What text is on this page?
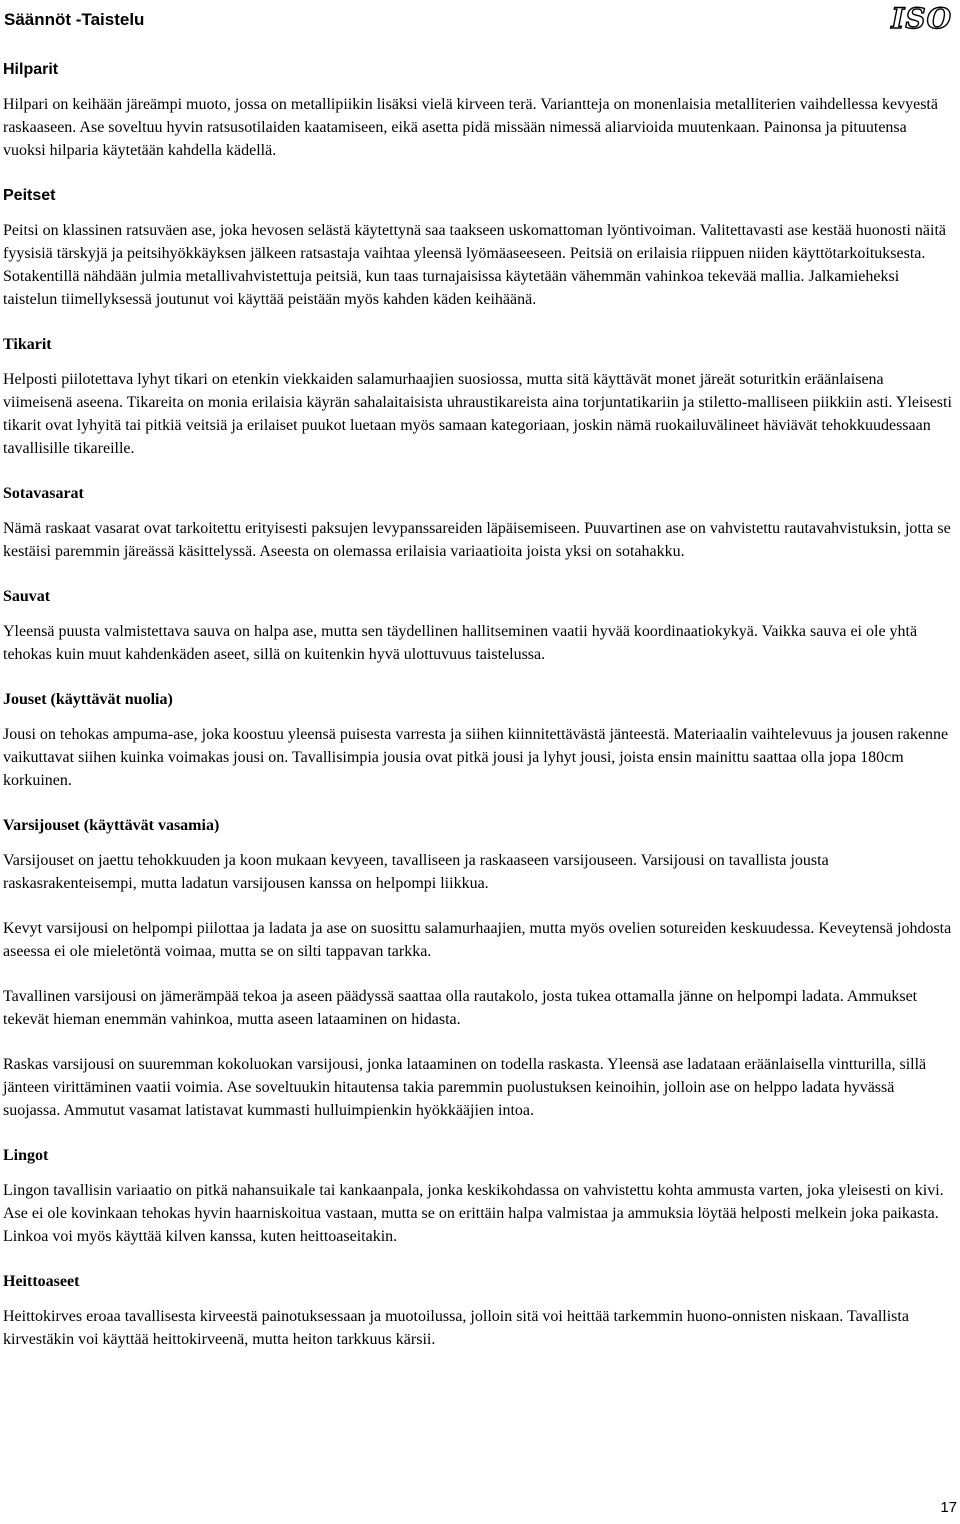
Säännöt -Taistelu	ISO
Hilparit

Hilpari on keihään järeämpi muoto, jossa on metallipiikin lisäksi vielä kirveen terä. Variantteja on monenlaisia metalliterien vaihdellessa kevyestä raskaaseen. Ase soveltuu hyvin ratsusotilaiden kaatamiseen, eikä asetta pidä missään nimessä aliarvioida muutenkaan. Painonsa ja pituutensa vuoksi hilparia käytetään kahdella kädellä.

Peitset

Peitsi on klassinen ratsuväen ase, joka hevosen selästä käytettynä saa taakseen uskomattoman lyöntivoiman. Valitettavasti ase kestää huonosti näitä fyysisiä tärskyjä ja peitsihyökkäyksen jälkeen ratsastaja vaihtaa yleensä lyömäaseeseen. Peitsiä on erilaisia riippuen niiden käyttötarkoituksesta. Sotakentillä nähdään julmia metallivahvistettuja peitsiä, kun taas turnajaisissa käytetään vähemmän vahinkoa tekevää mallia. Jalkamieheksi taistelun tiimellyksessä joutunut voi käyttää peistään myös kahden käden keihäänä.

Tikarit

Helposti piilotettava lyhyt tikari on etenkin viekkaiden salamurhaajien suosiossa, mutta sitä käyttävät monet järeät soturitkin eräänlaisena viimeisenä aseena. Tikareita on monia erilaisia käyrän sahalaitaisista uhraustikareista aina torjuntatikariin ja stiletto-malliseen piikkiin asti. Yleisesti tikarit ovat lyhyitä tai pitkiä veitsiä ja erilaiset puukot luetaan myös samaan kategoriaan, joskin nämä ruokailuvälineet häviävät tehokkuudessaan tavallisille tikareille.

Sotavasarat

Nämä raskaat vasarat ovat tarkoitettu erityisesti paksujen levypanssareiden läpäisemiseen. Puuvartinen ase on vahvistettu rautavahvistuksin, jotta se kestäisi paremmin järeässä käsittelyssä. Aseesta on olemassa erilaisia variaatioita joista yksi on sotahakku.

Sauvat

Yleensä puusta valmistettava sauva on halpa ase, mutta sen täydellinen hallitseminen vaatii hyvää koordinaatiokykyä. Vaikka sauva ei ole yhtä tehokas kuin muut kahdenkäden aseet, sillä on kuitenkin hyvä ulottuvuus taistelussa.

Jouset (käyttävät nuolia)

Jousi on tehokas ampuma-ase, joka koostuu yleensä puisesta varresta ja siihen kiinnitettävästä jänteestä. Materiaalin vaihtelevuus ja jousen rakenne vaikuttavat siihen kuinka voimakas jousi on. Tavallisimpia jousia ovat pitkä jousi ja lyhyt jousi, joista ensin mainittu saattaa olla jopa 180cm korkuinen.

Varsijouset (käyttävät vasamia)

Varsijouset on jaettu tehokkuuden ja koon mukaan kevyeen, tavalliseen ja raskaaseen varsijouseen. Varsijousi on tavallista jousta raskasrakenteisempi, mutta ladatun varsijousen kanssa on helpompi liikkua.

Kevyt varsijousi on helpompi piilottaa ja ladata ja ase on suosittu salamurhaajien, mutta myös ovelien sotureiden keskuudessa. Keveytensä johdosta aseessa ei ole mieletöntä voimaa, mutta se on silti tappavan tarkka.

Tavallinen varsijousi on jämerämpää tekoa ja aseen päädyssä saattaa olla rautakolo, josta tukea ottamalla jänne on helpompi ladata. Ammukset tekevät hieman enemmän vahinkoa, mutta aseen lataaminen on hidasta.

Raskas varsijousi on suuremman kokoluokan varsijousi, jonka lataaminen on todella raskasta. Yleensä ase ladataan eräänlaisella vintturilla, sillä jänteen virittäminen vaatii voimia. Ase soveltuukin hitautensa takia paremmin puolustuksen keinoihin, jolloin ase on helppo ladata hyvässä suojassa. Ammutut vasamat latistavat kummasti hulluimpienkin hyökkääjien intoa.

Lingot

Lingon tavallisin variaatio on pitkä nahansuikale tai kankaanpala, jonka keskikohdassa on vahvistettu kohta ammusta varten, joka yleisesti on kivi. Ase ei ole kovinkaan tehokas hyvin haarniskoitua vastaan, mutta se on erittäin halpa valmistaa ja ammuksia löytää helposti melkein joka paikasta. Linkoa voi myös käyttää kilven kanssa, kuten heittoaseitakin.

Heittoaseet

Heittokirves eroaa tavallisesta kirveestä painotuksessaan ja muotoilussa, jolloin sitä voi heittää tarkemmin huono-onnisten niskaan. Tavallista kirvestäkin voi käyttää heittokirveenä, mutta heiton tarkkuus kärsii.

17
